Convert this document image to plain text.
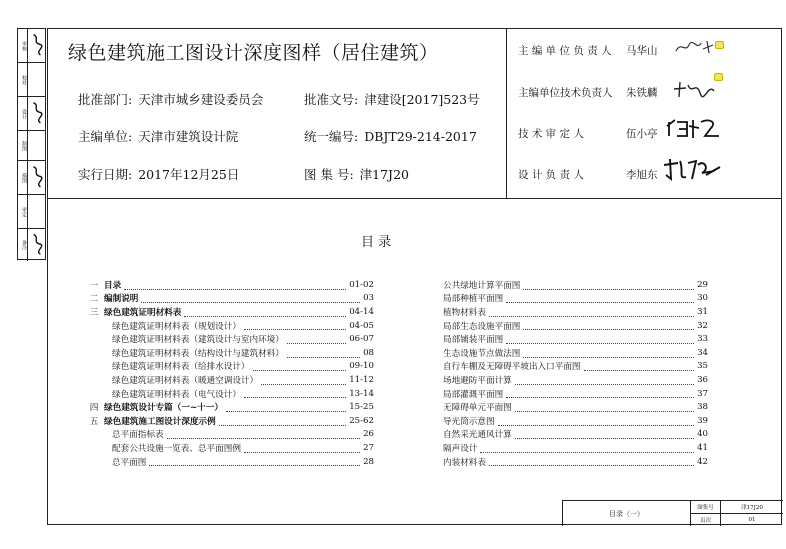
审核
校对
设计
制图
描图
审定
备注
绿色建筑施工图设计深度图样（居住建筑）
批准部门: 天津市城乡建设委员会	批准文号: 津建设[2017]523号
主编单位: 天津市建筑设计院	统一编号: DBJT29-214-2017
实行日期: 2017年12月25日	图 集 号: 津17J20
主 编 单 位 负 责 人 马华山
主编单位技术负责人 朱铁麟
技 术 审 定 人	伍小亭
设 计 负 责 人	李旭东
目 录
一 目录	01-02
二 编制说明	03
三 绿色建筑证明材料表	04-14
绿色建筑证明材料表（规划设计）	04-05
绿色建筑证明材料表（建筑设计与室内环境）	06-07
绿色建筑证明材料表（结构设计与建筑材料）	08
绿色建筑证明材料表（给排水设计）	09-10
绿色建筑证明材料表（暖通空调设计）	11-12
绿色建筑证明材料表（电气设计）	13-14
四 绿色建筑设计专篇（一~十一）	15-25
五 绿色建筑施工图设计深度示例	25-62
总平面指标表	26
配套公共设施一览表、总平面图例	27
总平面图	28
公共绿地计算平面图	29
局部种植平面图	30
植物材料表	31
局部生态设施平面图	32
局部铺装平面图	33
生态设施节点做法图	34
自行车棚及无障碍平坡出入口平面图	35
场地避防平面计算	36
局部灌溉平面图	37
无障碍单元平面图	38
导光筒示意图	39
自然采光通风计算	40
隔声设计	41
内装材料表	42
目录（一）
图集号	津17J20
页次	01
